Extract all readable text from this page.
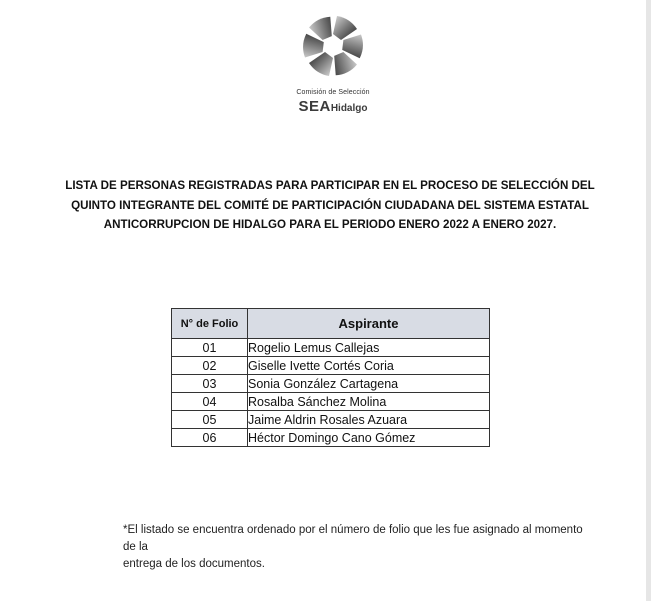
Comisión de Selección
SEAHidalgo
LISTA DE PERSONAS REGISTRADAS PARA PARTICIPAR EN EL PROCESO DE SELECCIÓN DEL
QUINTO INTEGRANTE DEL COMITÉ DE PARTICIPACIÓN CIUDADANA DEL SISTEMA ESTATAL
ANTICORRUPCION DE HIDALGO PARA EL PERIODO ENERO 2022 A ENERO 2027.
N° de Folio	Aspirante
01	Rogelio Lemus Callejas
02	Giselle Ivette Cortés Coria
03	Sonia González Cartagena
04	Rosalba Sánchez Molina
05	Jaime Aldrin Rosales Azuara
06	Héctor Domingo Cano Gómez
*El listado se encuentra ordenado por el número de folio que les fue asignado al momento de la
entrega de los documentos.
